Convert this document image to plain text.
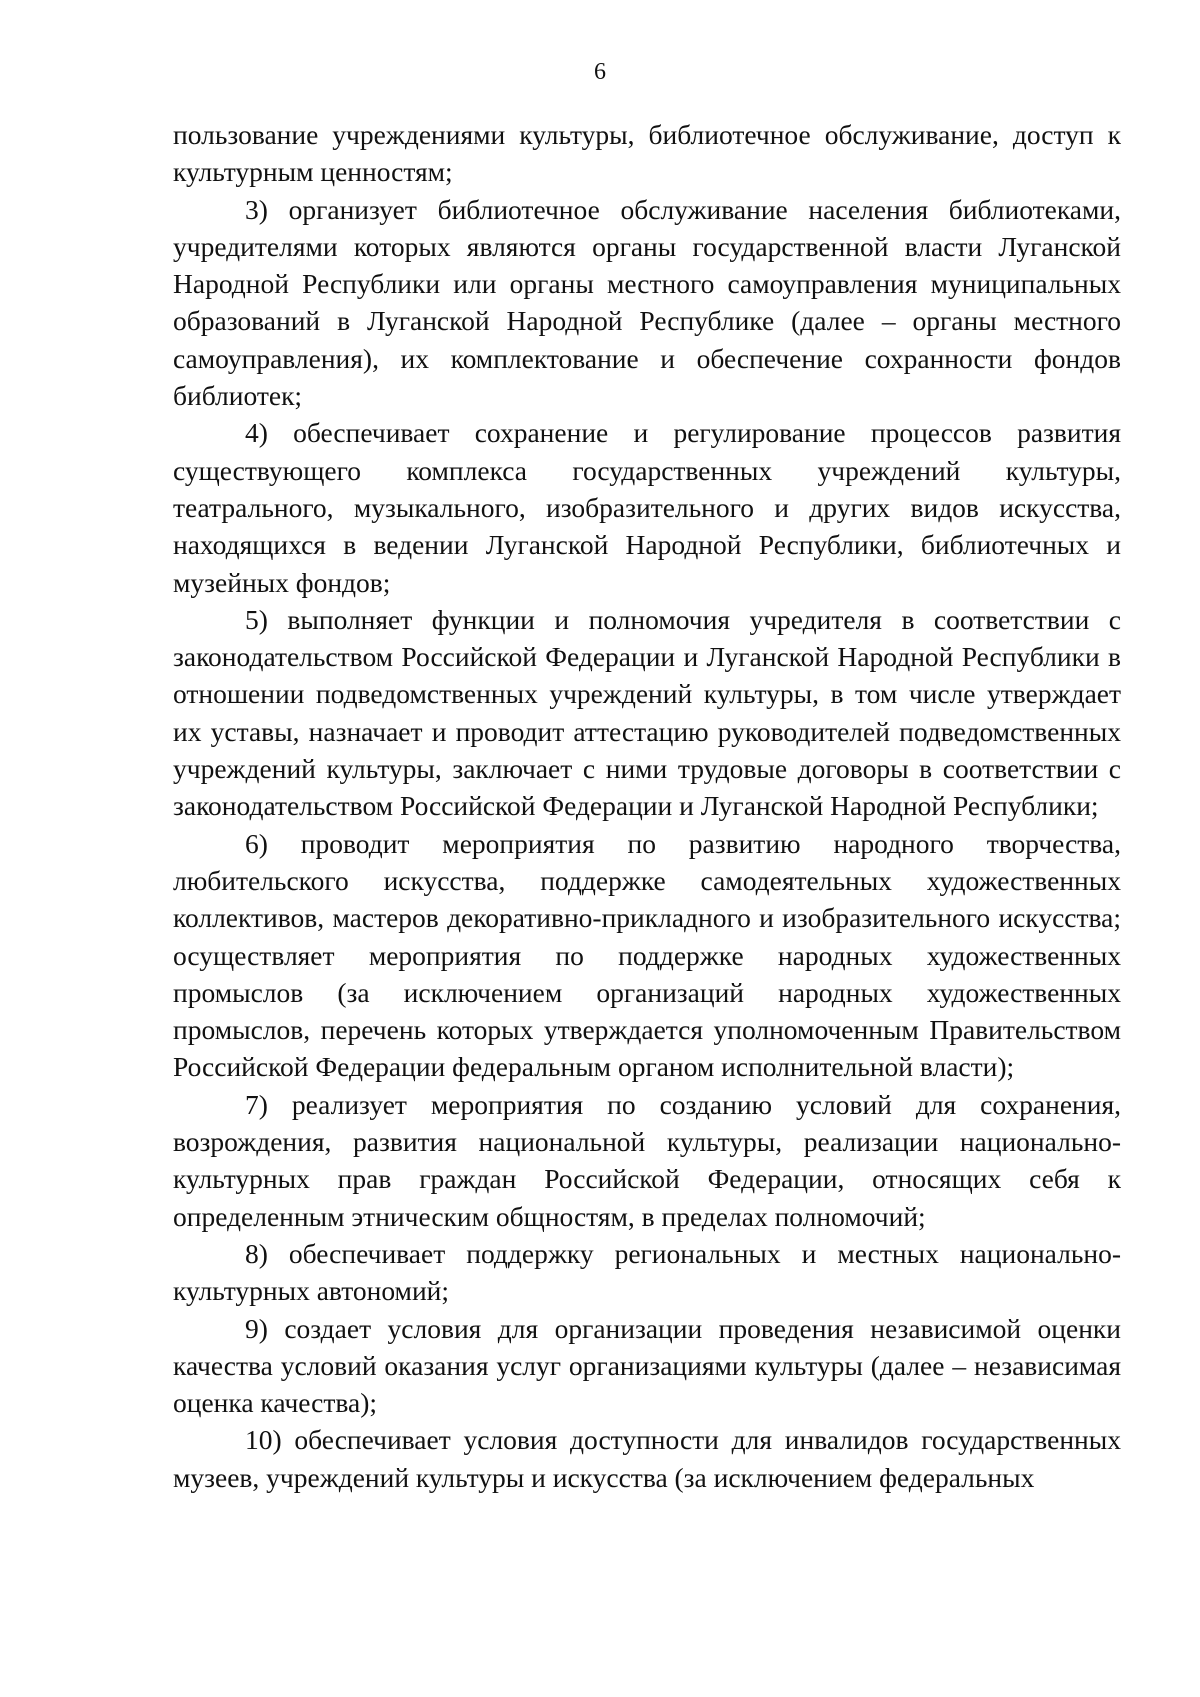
6

пользование учреждениями культуры, библиотечное обслуживание, доступ к культурным ценностям;

3) организует библиотечное обслуживание населения библиотеками, учредителями которых являются органы государственной власти Луганской Народной Республики или органы местного самоуправления муниципальных образований в Луганской Народной Республике (далее – органы местного самоуправления), их комплектование и обеспечение сохранности фондов библиотек;

4) обеспечивает сохранение и регулирование процессов развития существующего комплекса государственных учреждений культуры, театрального, музыкального, изобразительного и других видов искусства, находящихся в ведении Луганской Народной Республики, библиотечных и музейных фондов;

5) выполняет функции и полномочия учредителя в соответствии с законодательством Российской Федерации и Луганской Народной Республики в отношении подведомственных учреждений культуры, в том числе утверждает их уставы, назначает и проводит аттестацию руководителей подведомственных учреждений культуры, заключает с ними трудовые договоры в соответствии с законодательством Российской Федерации и Луганской Народной Республики;

6) проводит мероприятия по развитию народного творчества, любительского искусства, поддержке самодеятельных художественных коллективов, мастеров декоративно-прикладного и изобразительного искусства; осуществляет мероприятия по поддержке народных художественных промыслов (за исключением организаций народных художественных промыслов, перечень которых утверждается уполномоченным Правительством Российской Федерации федеральным органом исполнительной власти);

7) реализует мероприятия по созданию условий для сохранения, возрождения, развития национальной культуры, реализации национально-культурных прав граждан Российской Федерации, относящих себя к определенным этническим общностям, в пределах полномочий;

8) обеспечивает поддержку региональных и местных национально-культурных автономий;

9) создает условия для организации проведения независимой оценки качества условий оказания услуг организациями культуры (далее – независимая оценка качества);

10) обеспечивает условия доступности для инвалидов государственных музеев, учреждений культуры и искусства (за исключением федеральных
